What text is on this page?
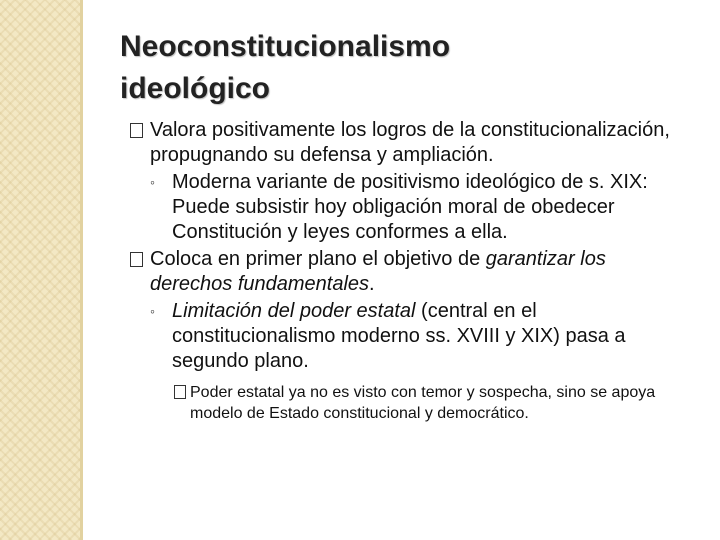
Neoconstitucionalismo
ideológico
Valora positivamente los logros de la constitucionalización, propugnando su defensa y ampliación.
◦ Moderna variante de positivismo ideológico de s. XIX: Puede subsistir hoy obligación moral de obedecer Constitución y leyes conformes a ella.
Coloca en primer plano el objetivo de garantizar los derechos fundamentales.
◦ Limitación del poder estatal (central en el constitucionalismo moderno ss. XVIII y XIX) pasa a segundo plano.
Poder estatal ya no es visto con temor y sospecha, sino se apoya modelo de Estado constitucional y democrático.
